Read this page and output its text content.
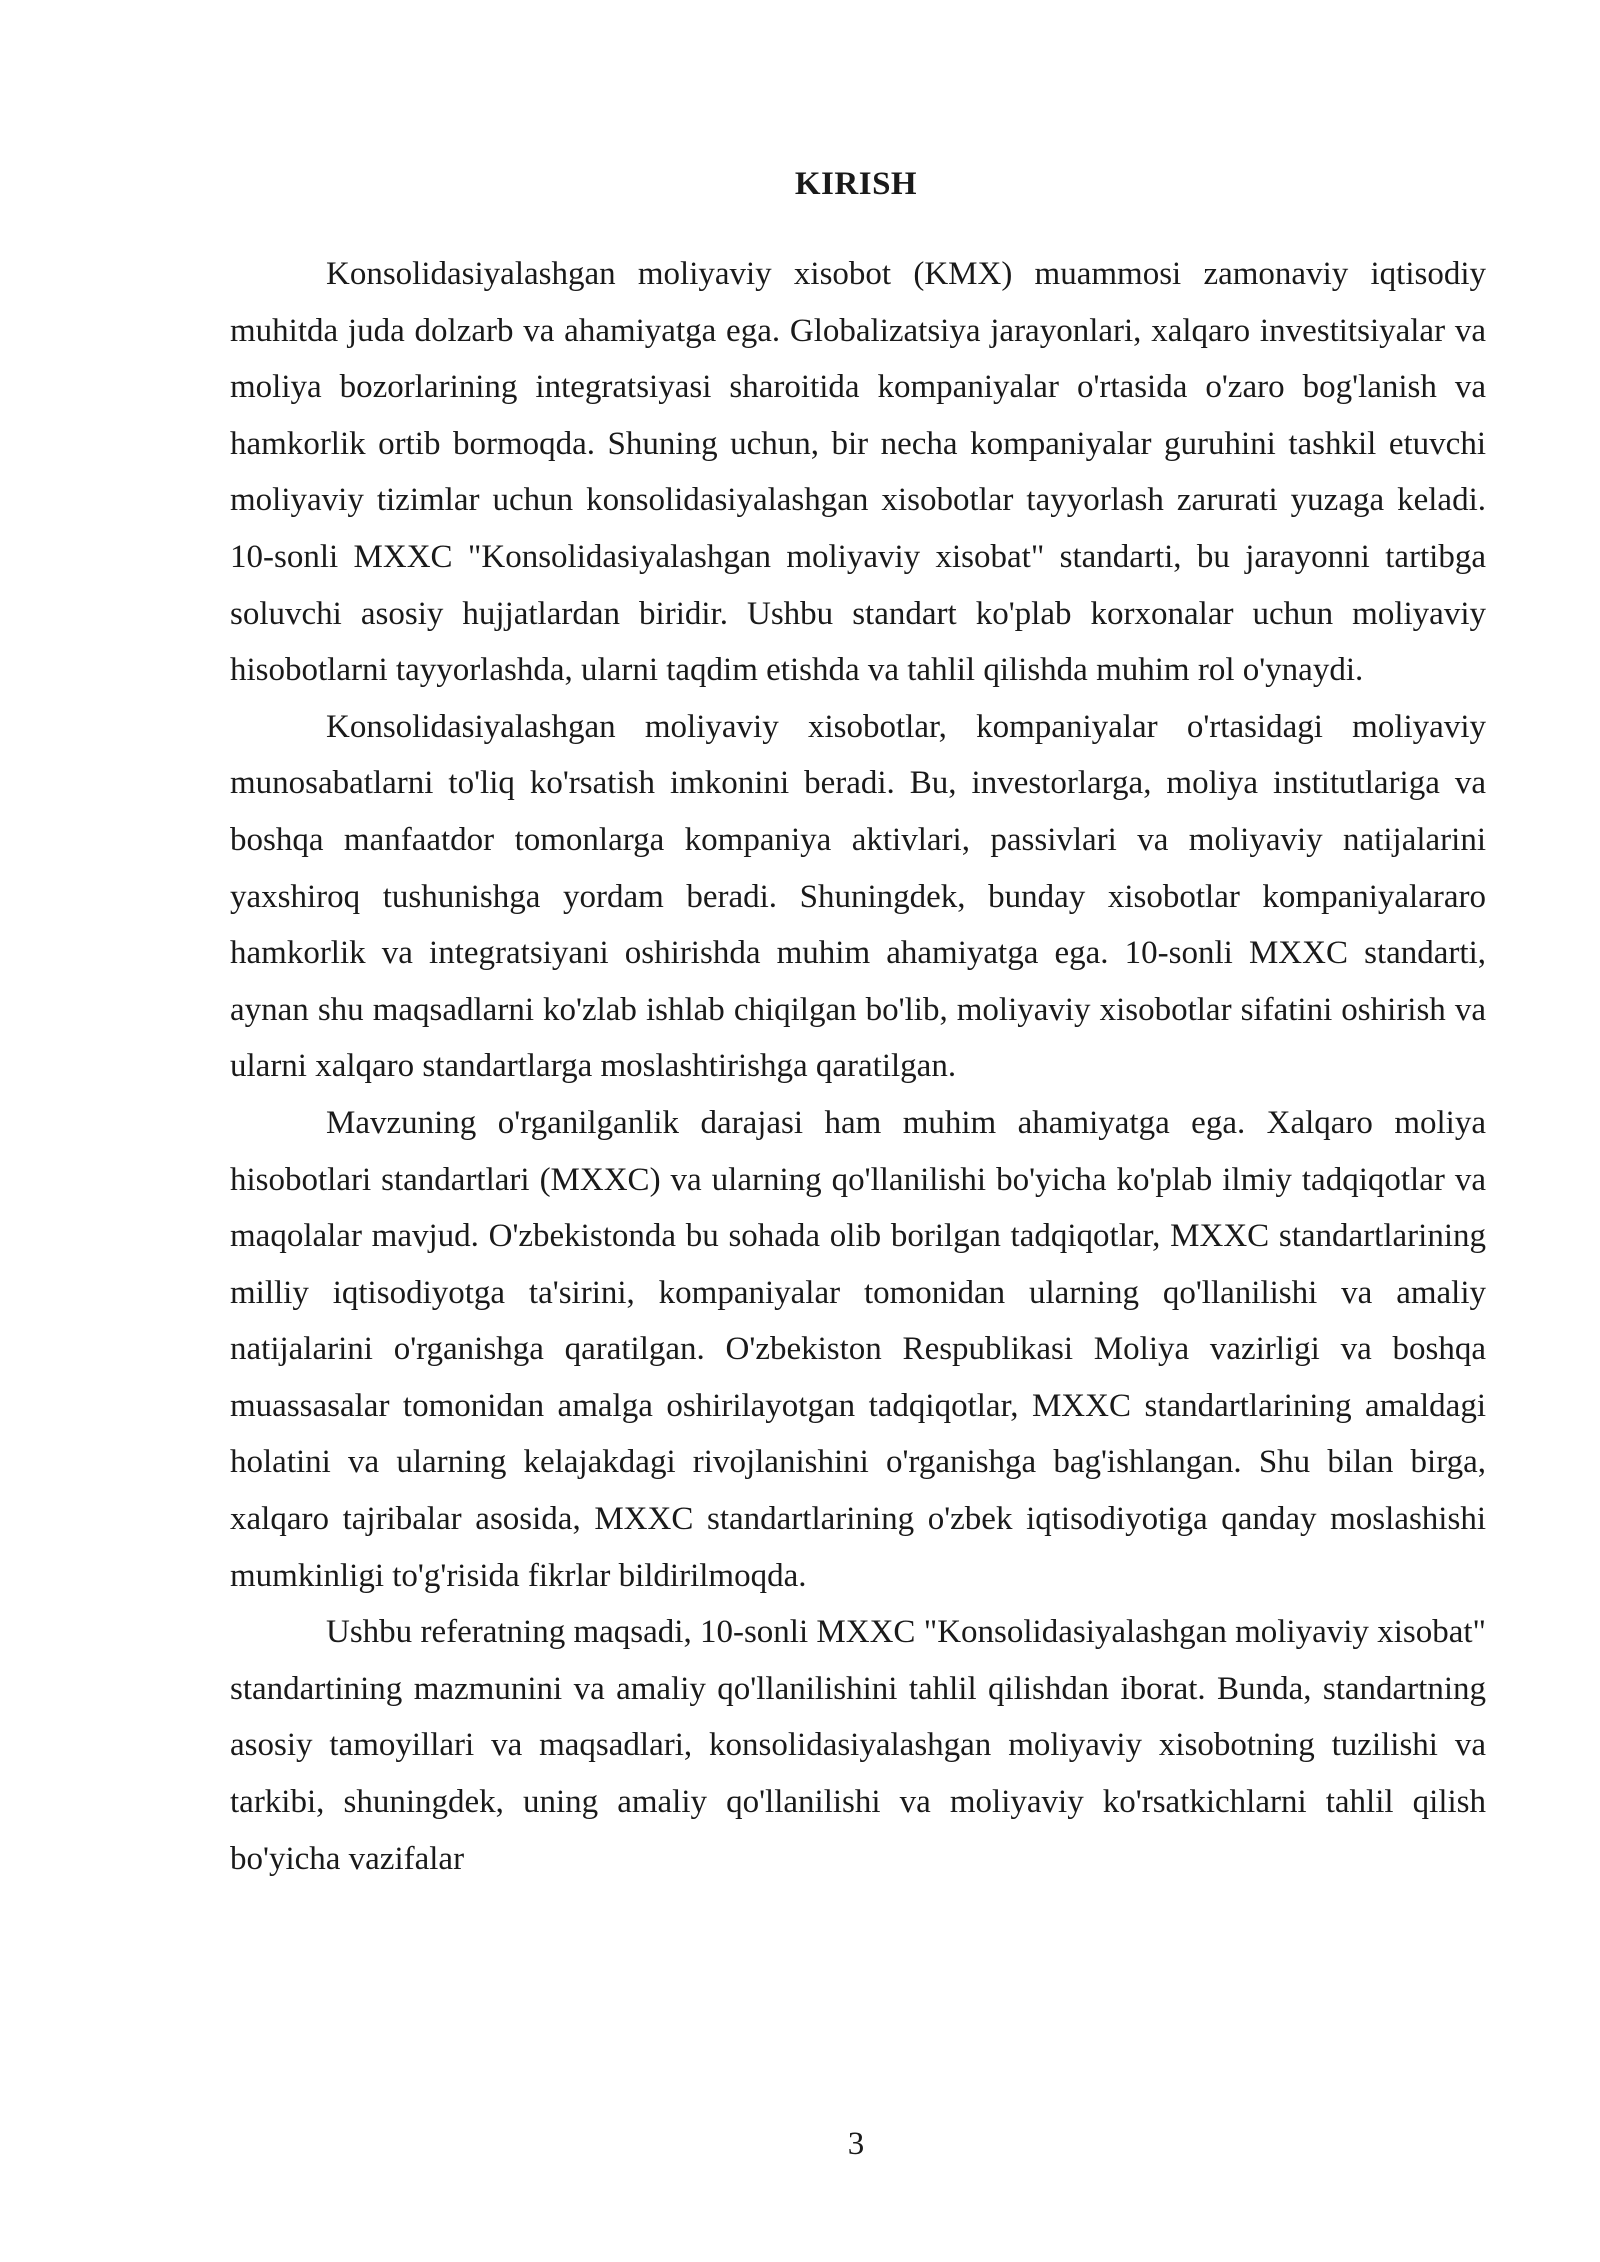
KIRISH

Konsolidasiyalashgan moliyaviy xisobot (KMX) muammosi zamonaviy iqtisodiy muhitda juda dolzarb va ahamiyatga ega. Globalizatsiya jarayonlari, xalqaro investitsiyalar va moliya bozorlarining integratsiyasi sharoitida kompaniyalar o'rtasida o'zaro bog'lanish va hamkorlik ortib bormoqda. Shuning uchun, bir necha kompaniyalar guruhini tashkil etuvchi moliyaviy tizimlar uchun konsolidasiyalashgan xisobotlar tayyorlash zarurati yuzaga keladi. 10-sonli MXXC "Konsolidasiyalashgan moliyaviy xisobat" standarti, bu jarayonni tartibga soluvchi asosiy hujjatlardan biridir. Ushbu standart ko'plab korxonalar uchun moliyaviy hisobotlarni tayyorlashda, ularni taqdim etishda va tahlil qilishda muhim rol o'ynaydi.

Konsolidasiyalashgan moliyaviy xisobotlar, kompaniyalar o'rtasidagi moliyaviy munosabatlarni to'liq ko'rsatish imkonini beradi. Bu, investorlarga, moliya institutlariga va boshqa manfaatdor tomonlarga kompaniya aktivlari, passivlari va moliyaviy natijalarini yaxshiroq tushunishga yordam beradi. Shuningdek, bunday xisobotlar kompaniyalararo hamkorlik va integratsiyani oshirishda muhim ahamiyatga ega. 10-sonli MXXC standarti, aynan shu maqsadlarni ko'zlab ishlab chiqilgan bo'lib, moliyaviy xisobotlar sifatini oshirish va ularni xalqaro standartlarga moslashtirishga qaratilgan.

Mavzuning o'rganilganlik darajasi ham muhim ahamiyatga ega. Xalqaro moliya hisobotlari standartlari (MXXC) va ularning qo'llanilishi bo'yicha ko'plab ilmiy tadqiqotlar va maqolalar mavjud. O'zbekistonda bu sohada olib borilgan tadqiqotlar, MXXC standartlarining milliy iqtisodiyotga ta'sirini, kompaniyalar tomonidan ularning qo'llanilishi va amaliy natijalarini o'rganishga qaratilgan. O'zbekiston Respublikasi Moliya vazirligi va boshqa muassasalar tomonidan amalga oshirilayotgan tadqiqotlar, MXXC standartlarining amaldagi holatini va ularning kelajakdagi rivojlanishini o'rganishga bag'ishlangan. Shu bilan birga, xalqaro tajribalar asosida, MXXC standartlarining o'zbek iqtisodiyotiga qanday moslashishi mumkinligi to'g'risida fikrlar bildirilmoqda.

Ushbu referatning maqsadi, 10-sonli MXXC "Konsolidasiyalashgan moliyaviy xisobat" standartining mazmunini va amaliy qo'llanilishini tahlil qilishdan iborat. Bunda, standartning asosiy tamoyillari va maqsadlari, konsolidasiyalashgan moliyaviy xisobotning tuzilishi va tarkibi, shuningdek, uning amaliy qo'llanilishi va moliyaviy ko'rsatkichlarni tahlil qilish bo'yicha vazifalar

3
